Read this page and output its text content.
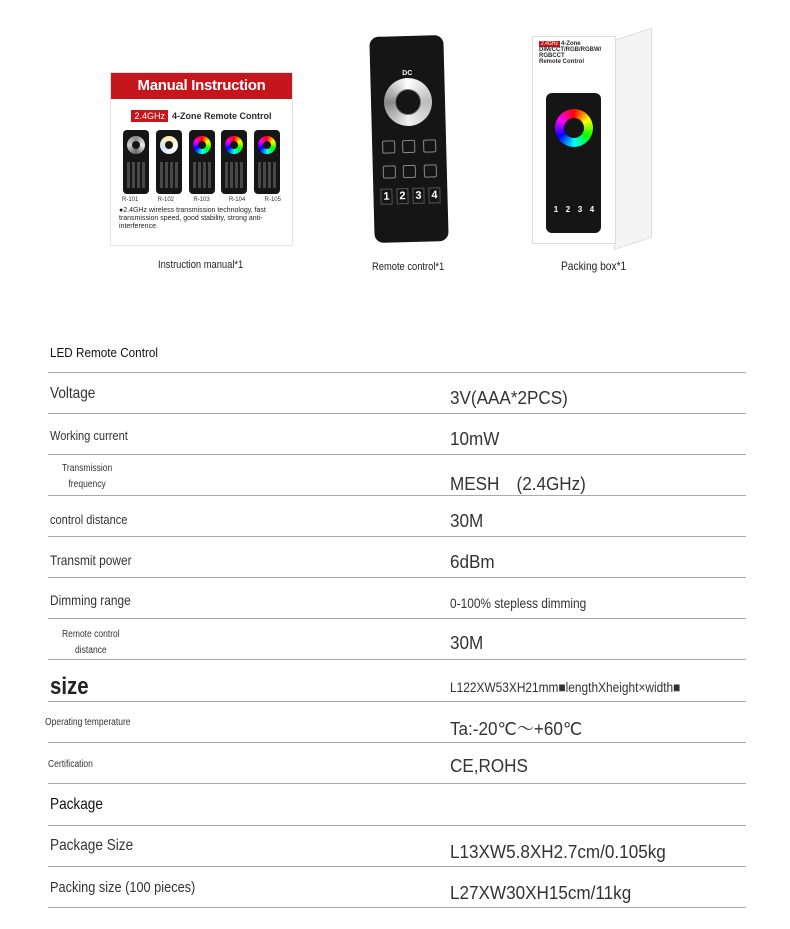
Manual Instruction
2.4GHz 4-Zone Remote Control
R-101	R-102	R-103	R-104	R-105
●2.4GHz wireless transmission technology, fast transmission speed, good stability, strong anti-interference.
Instruction manual*1
DC
1 2 3 4
Remote control*1
2.4GHz 4-Zone
DIM/CCT/RGB/RGBW/
RGBCCT
Remote Control
1 2 3 4
Packing box*1
LED Remote Control
Voltage	3V(AAA*2PCS)
Working current	10mW
Transmission
frequency	MESH　(2.4GHz)
control distance	30M
Transmit power	6dBm
Dimming range	0-100% stepless dimming
Remote control
distance	30M
size	L122XW53XH21mm■lengthXheight×width■
Operating temperature	Ta:-20℃～+60℃
Certification	CE,ROHS
Package
Package Size	L13XW5.8XH2.7cm/0.105kg
Packing size (100 pieces)	L27XW30XH15cm/11kg
